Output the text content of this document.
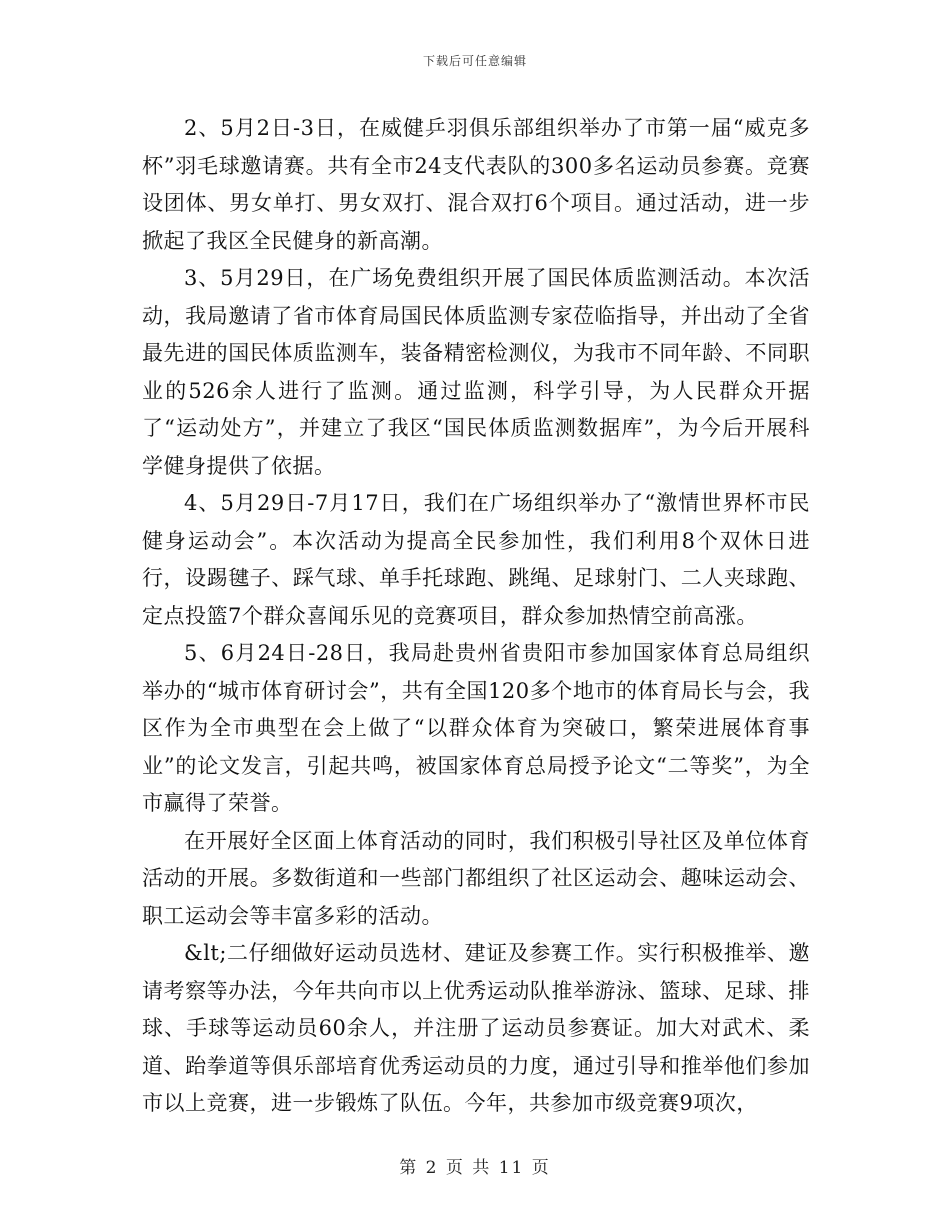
下载后可任意编辑

2、5月2日-3日，在威健乒羽俱乐部组织举办了市第一届“威克多杯”羽毛球邀请赛。共有全市24支代表队的300多名运动员参赛。竞赛设团体、男女单打、男女双打、混合双打6个项目。通过活动，进一步掀起了我区全民健身的新高潮。

3、5月29日，在广场免费组织开展了国民体质监测活动。本次活动，我局邀请了省市体育局国民体质监测专家莅临指导，并出动了全省最先进的国民体质监测车，装备精密检测仪，为我市不同年龄、不同职业的526余人进行了监测。通过监测，科学引导，为人民群众开据了“运动处方”，并建立了我区“国民体质监测数据库”，为今后开展科学健身提供了依据。

4、5月29日-7月17日，我们在广场组织举办了“激情世界杯市民健身运动会”。本次活动为提高全民参加性，我们利用8个双休日进行，设踢毽子、踩气球、单手托球跑、跳绳、足球射门、二人夹球跑、定点投篮7个群众喜闻乐见的竞赛项目，群众参加热情空前高涨。

5、6月24日-28日，我局赴贵州省贵阳市参加国家体育总局组织举办的“城市体育研讨会”，共有全国120多个地市的体育局长与会，我区作为全市典型在会上做了“以群众体育为突破口，繁荣进展体育事业”的论文发言，引起共鸣，被国家体育总局授予论文“二等奖”，为全市赢得了荣誉。

在开展好全区面上体育活动的同时，我们积极引导社区及单位体育活动的开展。多数街道和一些部门都组织了社区运动会、趣味运动会、职工运动会等丰富多彩的活动。

&lt;二仔细做好运动员选材、建证及参赛工作。实行积极推举、邀请考察等办法，今年共向市以上优秀运动队推举游泳、篮球、足球、排球、手球等运动员60余人，并注册了运动员参赛证。加大对武术、柔道、跆拳道等俱乐部培育优秀运动员的力度，通过引导和推举他们参加市以上竞赛，进一步锻炼了队伍。今年，共参加市级竞赛9项次，

第 2 页 共 11 页
